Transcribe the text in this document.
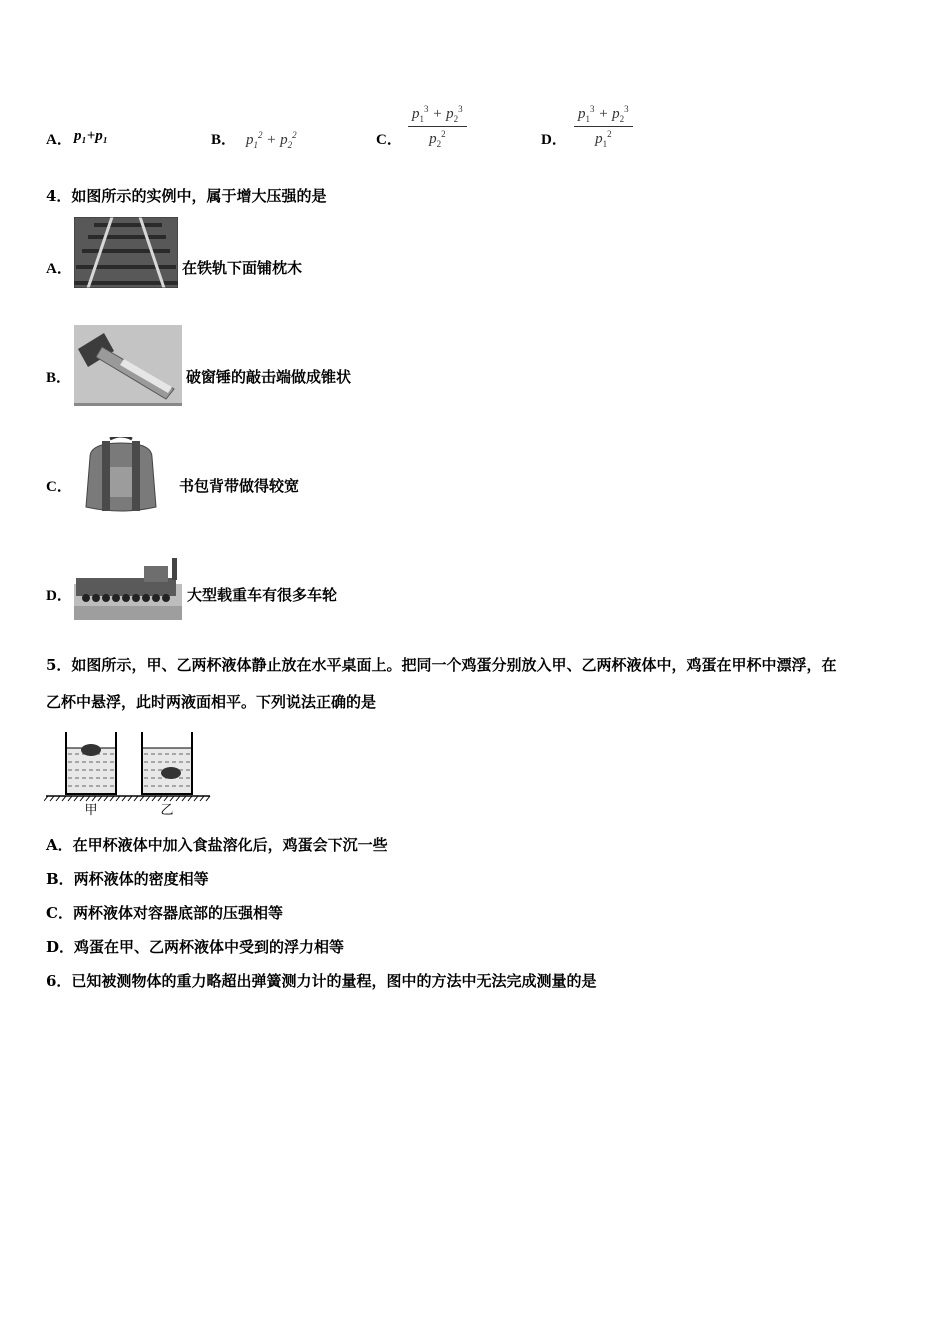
A． p₁+p₁	B． $p_1^2 + p_2^2$	C． $\frac{p_1^3 + p_2^3}{p_2^2}$	D． $\frac{p_1^3 + p_2^3}{p_1^2}$
4．如图所示的实例中，属于增大压强的是
A．	在铁轨下面铺枕木
B．	破窗锤的敲击端做成锥状
C．	书包背带做得较宽
D．	大型载重车有很多车轮
5．如图所示，甲、乙两杯液体静止放在水平桌面上。把同一个鸡蛋分别放入甲、乙两杯液体中，鸡蛋在甲杯中漂浮，在
乙杯中悬浮，此时两液面相平。下列说法正确的是
甲	乙
A．在甲杯液体中加入食盐溶化后，鸡蛋会下沉一些
B．两杯液体的密度相等
C．两杯液体对容器底部的压强相等
D．鸡蛋在甲、乙两杯液体中受到的浮力相等
6．已知被测物体的重力略超出弹簧测力计的量程，图中的方法中无法完成测量的是
